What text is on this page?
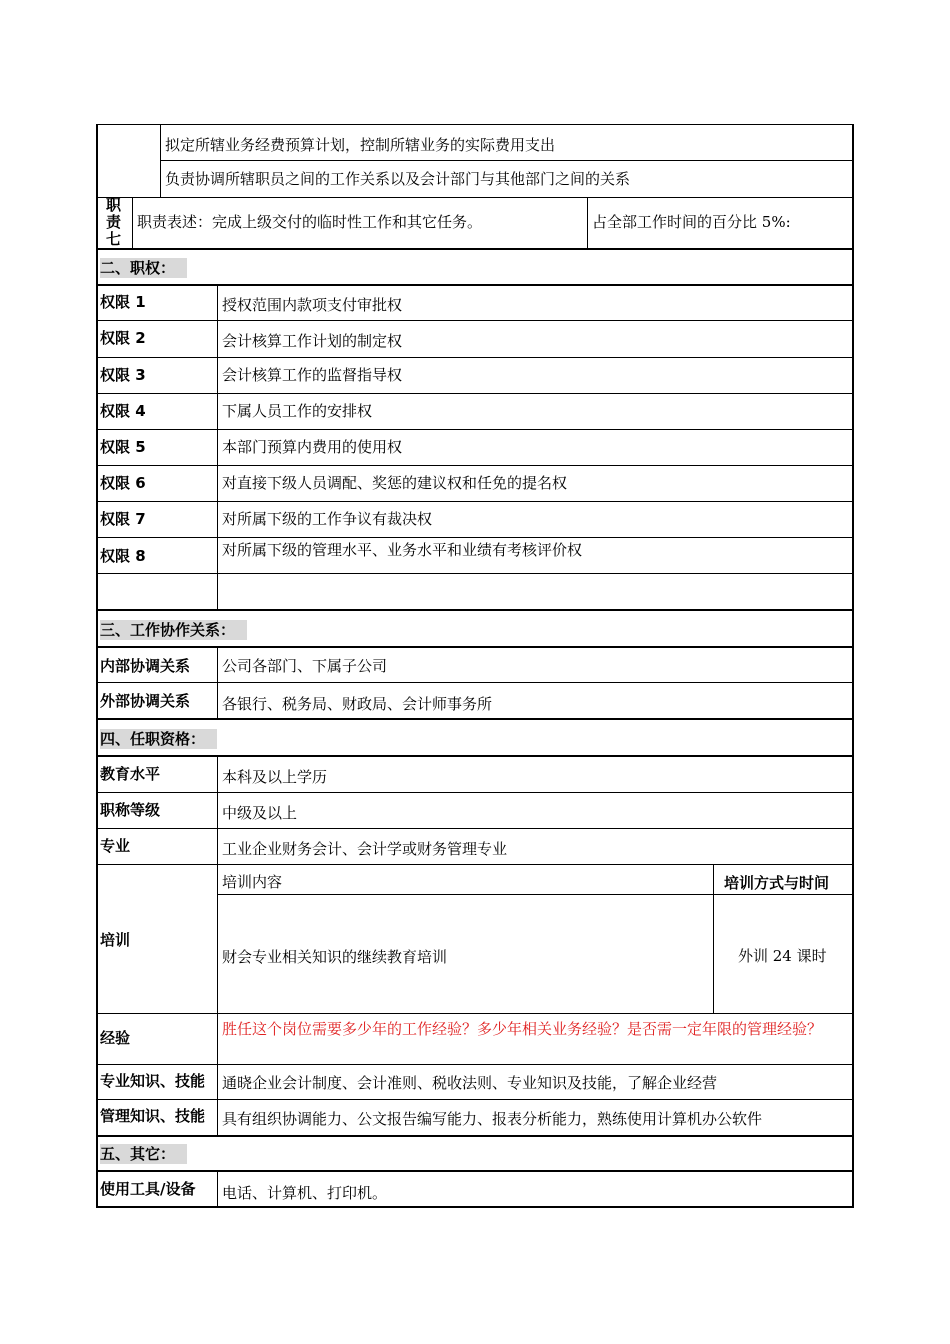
拟定所辖业务经费预算计划，控制所辖业务的实际费用支出
负责协调所辖职员之间的工作关系以及会计部门与其他部门之间的关系
职
责
七
职责表述：完成上级交付的临时性工作和其它任务。	占全部工作时间的百分比 5%:
二、职权：
权限 1	授权范围内款项支付审批权
权限 2	会计核算工作计划的制定权
权限 3	会计核算工作的监督指导权
权限 4	下属人员工作的安排权
权限 5	本部门预算内费用的使用权
权限 6	对直接下级人员调配、奖惩的建议权和任免的提名权
权限 7	对所属下级的工作争议有裁决权
权限 8	对所属下级的管理水平、业务水平和业绩有考核评价权
三、工作协作关系：
内部协调关系 公司各部门、下属子公司
外部协调关系 各银行、税务局、财政局、会计师事务所
四、任职资格：
教育水平	本科及以上学历
职称等级	中级及以上
专业	工业企业财务会计、会计学或财务管理专业
培训
培训内容	培训方式与时间
财会专业相关知识的继续教育培训	外训 24 课时
经验	胜任这个岗位需要多少年的工作经验？多少年相关业务经验？是否需一定年限的管理经验？
专业知识、技能 通晓企业会计制度、会计准则、税收法则、专业知识及技能，了解企业经营
管理知识、技能 具有组织协调能力、公文报告编写能力、报表分析能力，熟练使用计算机办公软件
五、其它：
使用工具/设备 电话、计算机、打印机。
